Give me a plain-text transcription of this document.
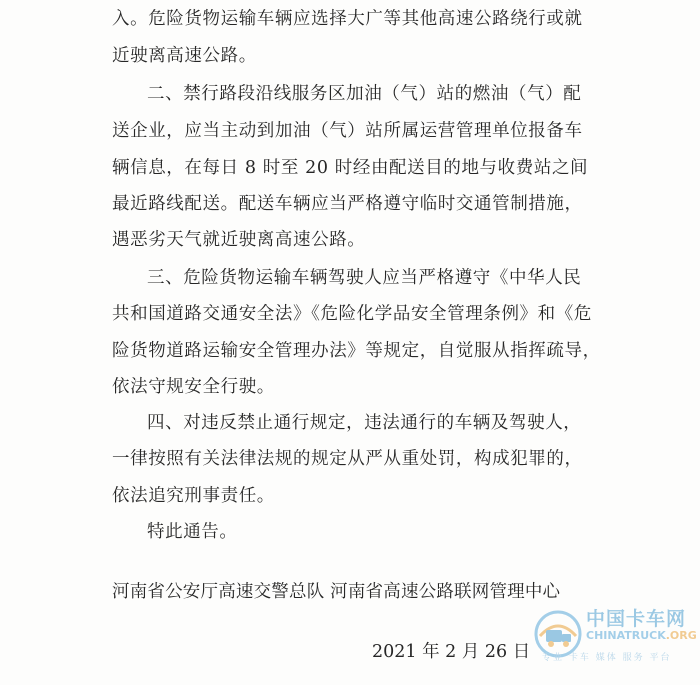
入。危险货物运输车辆应选择大广等其他高速公路绕行或就
近驶离高速公路。
二、禁行路段沿线服务区加油（气）站的燃油（气）配
送企业，应当主动到加油（气）站所属运营管理单位报备车
辆信息，在每日 8 时至 20 时经由配送目的地与收费站之间
最近路线配送。配送车辆应当严格遵守临时交通管制措施，
遇恶劣天气就近驶离高速公路。
三、危险货物运输车辆驾驶人应当严格遵守《中华人民
共和国道路交通安全法》《危险化学品安全管理条例》和《危
险货物道路运输安全管理办法》等规定，自觉服从指挥疏导，
依法守规安全行驶。
四、对违反禁止通行规定，违法通行的车辆及驾驶人，
一律按照有关法律法规的规定从严从重处罚，构成犯罪的，
依法追究刑事责任。
特此通告。
河南省公安厅高速交警总队 河南省高速公路联网管理中心
2021 年 2 月 26 日
中国卡车网
CHINATRUCK.ORG
专业 卡车 媒体 服务 平台
